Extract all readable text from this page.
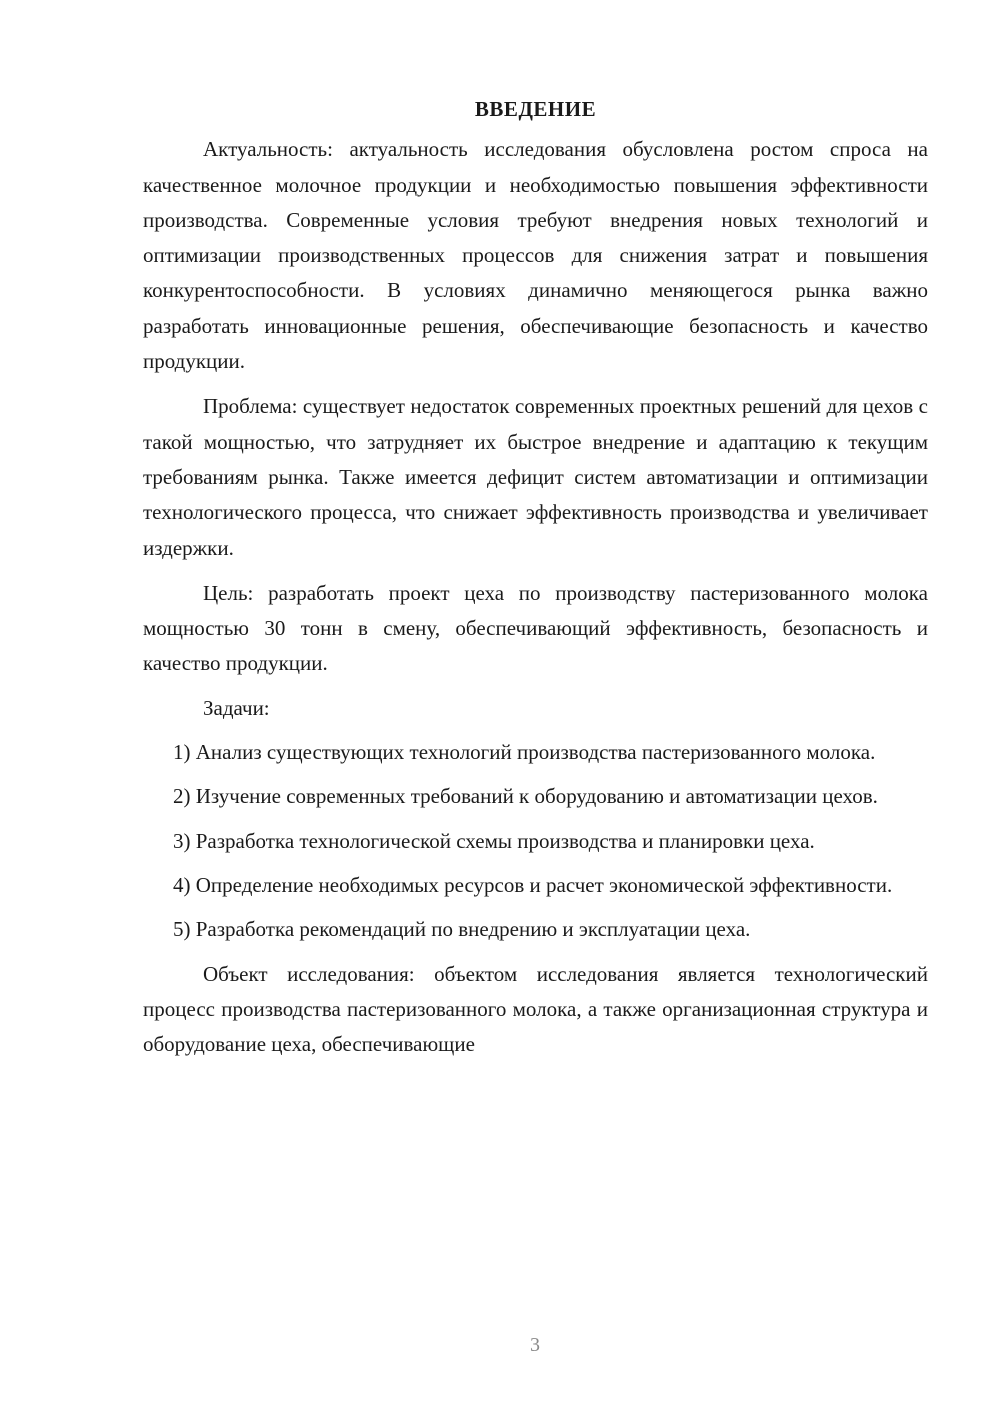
ВВЕДЕНИЕ

Актуальность: актуальность исследования обусловлена ростом спроса на качественное молочное продукции и необходимостью повышения эффективности производства. Современные условия требуют внедрения новых технологий и оптимизации производственных процессов для снижения затрат и повышения конкурентоспособности. В условиях динамично меняющегося рынка важно разработать инновационные решения, обеспечивающие безопасность и качество продукции.

Проблема: существует недостаток современных проектных решений для цехов с такой мощностью, что затрудняет их быстрое внедрение и адаптацию к текущим требованиям рынка. Также имеется дефицит систем автоматизации и оптимизации технологического процесса, что снижает эффективность производства и увеличивает издержки.

Цель: разработать проект цеха по производству пастеризованного молока мощностью 30 тонн в смену, обеспечивающий эффективность, безопасность и качество продукции.

Задачи:

1) Анализ существующих технологий производства пастеризованного молока.

2) Изучение современных требований к оборудованию и автоматизации цехов.

3) Разработка технологической схемы производства и планировки цеха.

4) Определение необходимых ресурсов и расчет экономической эффективности.

5) Разработка рекомендаций по внедрению и эксплуатации цеха.

Объект исследования: объектом исследования является технологический процесс производства пастеризованного молока, а также организационная структура и оборудование цеха, обеспечивающие

3
